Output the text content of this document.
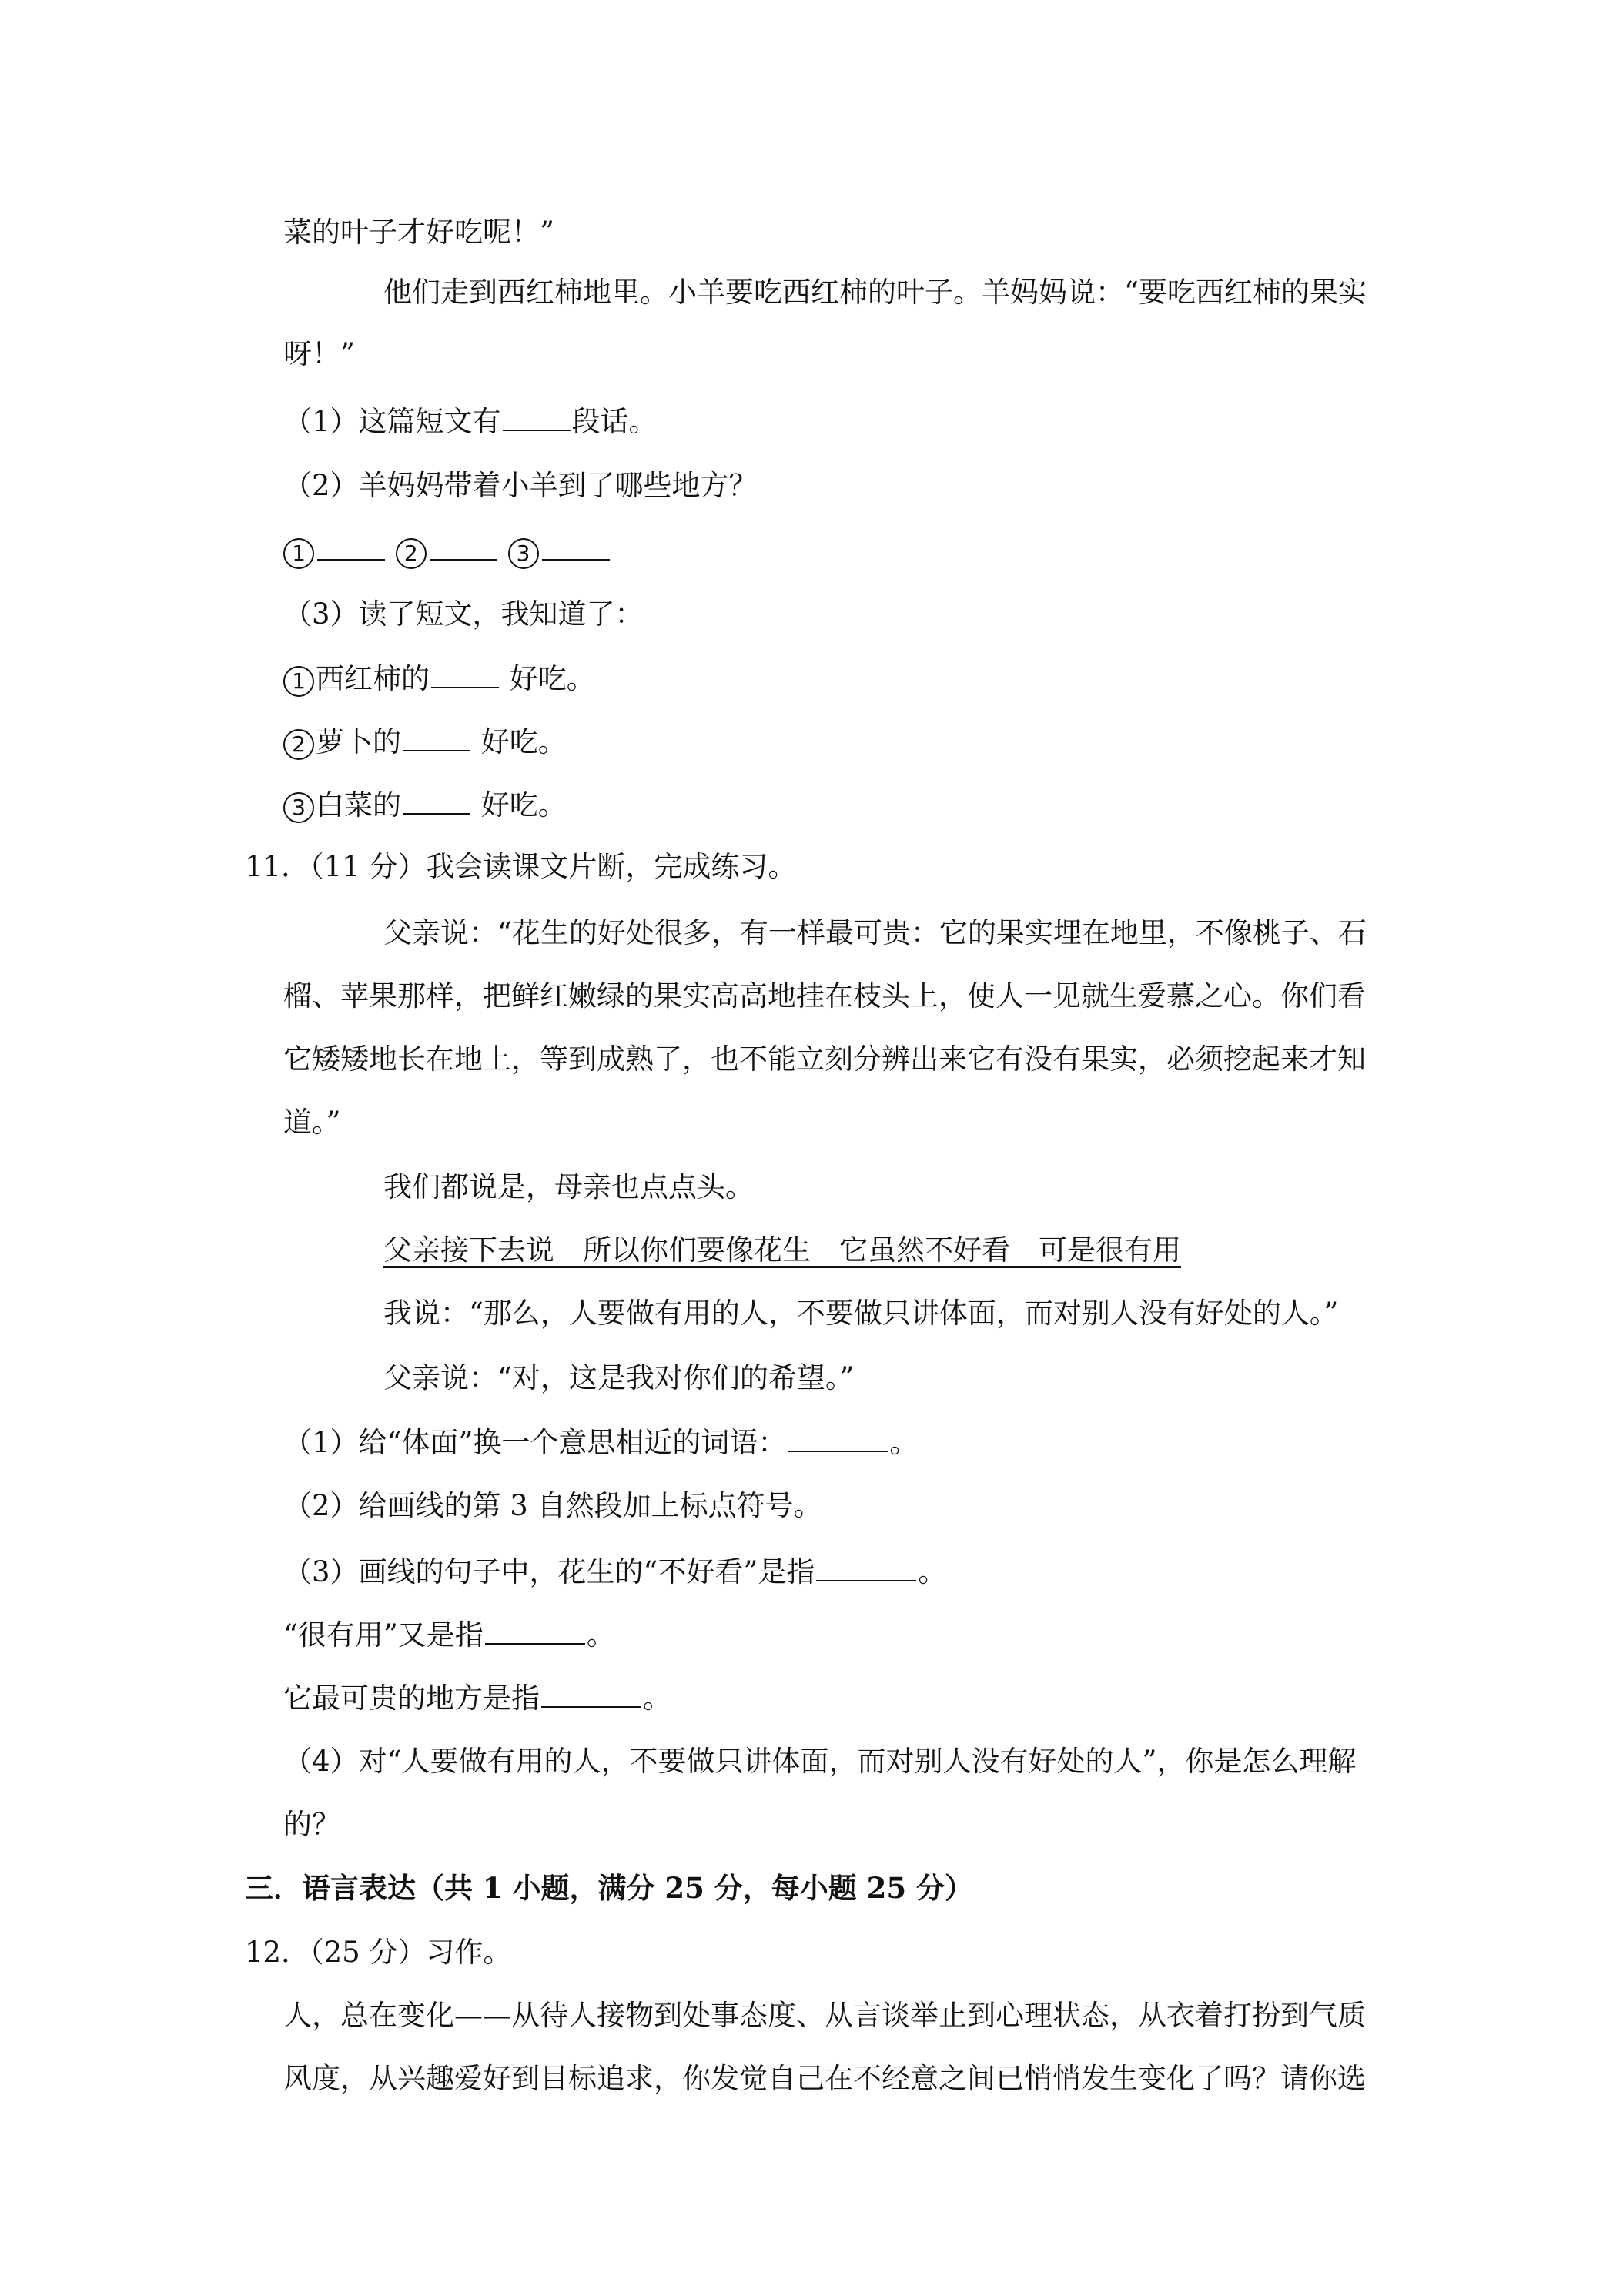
菜的叶子才好吃呢！”
他们走到西红柿地里。小羊要吃西红柿的叶子。羊妈妈说：“要吃西红柿的果实
呀！”
（1）这篇短文有 段话。
（2）羊妈妈带着小羊到了哪些地方？
1	2	3
（3）读了短文，我知道了：
1 西红柿的 好吃。
2 萝卜的 好吃。
3 白菜的 好吃。
11．（11 分）我会读课文片断，完成练习。
父亲说：“花生的好处很多，有一样最可贵：它的果实埋在地里，不像桃子、石
榴、苹果那样，把鲜红嫩绿的果实高高地挂在枝头上，使人一见就生爱慕之心。你们看
它矮矮地长在地上，等到成熟了，也不能立刻分辨出来它有没有果实，必须挖起来才知
道。”
我们都说是，母亲也点点头。
父亲接下去说　所以你们要像花生　它虽然不好看　可是很有用
我说：“那么，人要做有用的人，不要做只讲体面，而对别人没有好处的人。”
父亲说：“对，这是我对你们的希望。”
（1）给“体面”换一个意思相近的词语：	。
（2）给画线的第 3 自然段加上标点符号。
（3）画线的句子中，花生的“不好看”是指	。
“很有用”又是指	。
它最可贵的地方是指	。
（4）对“人要做有用的人，不要做只讲体面，而对别人没有好处的人”，你是怎么理解
的？
三．语言表达（共 1 小题，满分 25 分，每小题 25 分）
12．（25 分）习作。
人，总在变化——从待人接物到处事态度、从言谈举止到心理状态，从衣着打扮到气质
风度，从兴趣爱好到目标追求，你发觉自己在不经意之间已悄悄发生变化了吗？请你选
